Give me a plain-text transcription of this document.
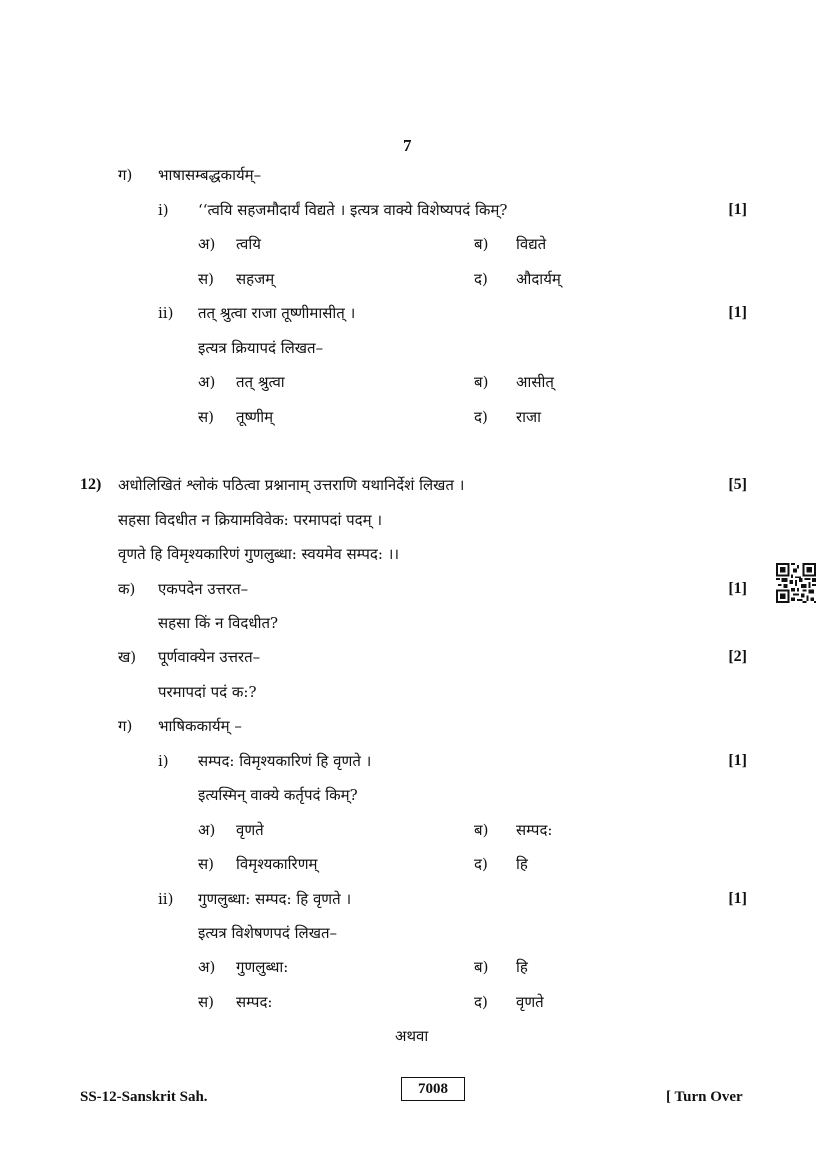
7
ग) भाषासम्बद्धकार्यम्–
i) ‘‘त्वयि सहजमौदार्यं विद्यते । इत्यत्र वाक्ये विशेष्यपदं किम्?	[1]
अ) त्वयि	ब) विद्यते
स) सहजम्	द) औदार्यम्
ii) तत् श्रुत्वा राजा तूष्णीमासीत् ।	[1]
इत्यत्र क्रियापदं लिखत–
अ) तत् श्रुत्वा	ब) आसीत्
स) तूष्णीम्	द) राजा
12) अधोलिखितं श्लोकं पठित्वा प्रश्नानाम् उत्तराणि यथानिर्देशं लिखत ।	[5]
सहसा विदधीत न क्रियामविवेक: परमापदां पदम् ।
वृणते हि विमृश्यकारिणं गुणलुब्धा: स्वयमेव सम्पद: ।।
क) एकपदेन उत्तरत–	[1]
सहसा किं न विदधीत?
ख) पूर्णवाक्येन उत्तरत–	[2]
परमापदां पदं क:?
ग) भाषिककार्यम् –
i) सम्पद: विमृश्यकारिणं हि वृणते ।	[1]
इत्यस्मिन् वाक्ये कर्तृपदं किम्?
अ) वृणते	ब) सम्पद:
स) विमृश्यकारिणम्	द) हि
ii) गुणलुब्धा: सम्पद: हि वृणते ।	[1]
इत्यत्र विशेषणपदं लिखत–
अ) गुणलुब्धा:	ब) हि
स) सम्पद:	द) वृणते
अथवा
SS-12-Sanskrit Sah.	7008	[ Turn Over
